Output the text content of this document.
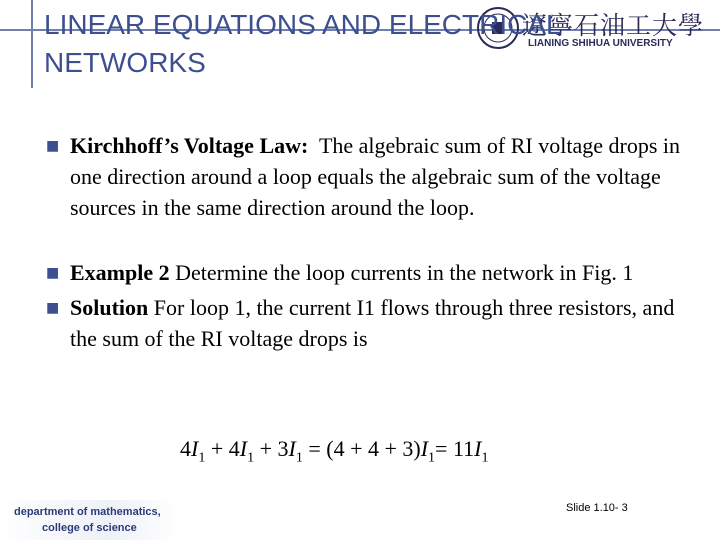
遼寧石油工大學
LIANING SHIHUA UNIVERSITY
LINEAR EQUATIONS AND ELECTRICAL NETWORKS
■ Kirchhoff’s Voltage Law: The algebraic sum of RI voltage drops in one direction around a loop equals the algebraic sum of the voltage sources in the same direction around the loop.
■ Example 2 Determine the loop currents in the network in Fig. 1
■ Solution For loop 1, the current I1 flows through three resistors, and the sum of the RI voltage drops is
$4I_1 + 4I_1 + 3I_1 = (4 + 4 + 3)I_1= 11I_1$
department of mathematics,
college of science
Slide 1.10- 3
